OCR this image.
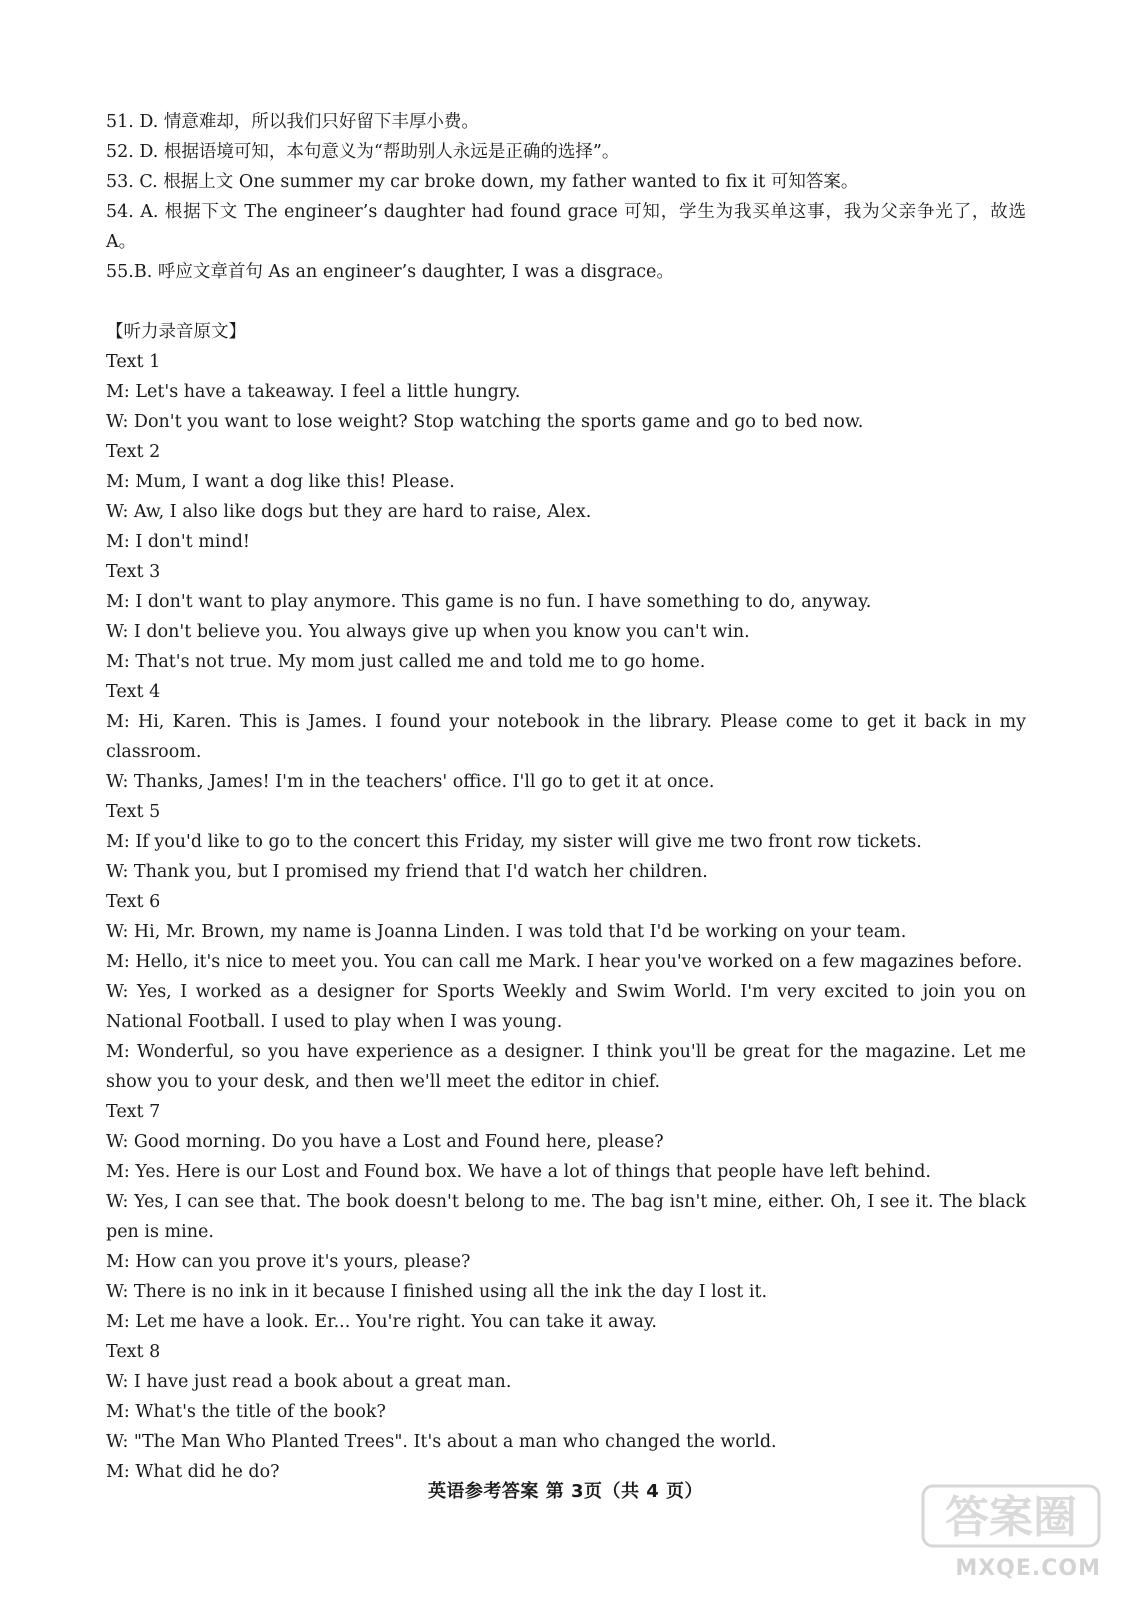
51. D. 情意难却，所以我们只好留下丰厚小费。

52. D. 根据语境可知，本句意义为“帮助别人永远是正确的选择”。

53. C. 根据上文 One summer my car broke down, my father wanted to fix it 可知答案。

54. A. 根据下文 The engineer’s daughter had found grace 可知，学生为我买单这事，我为父亲争光了，故选 A。

55.B. 呼应文章首句 As an engineer’s daughter, I was a disgrace。

【听力录音原文】

Text 1

M: Let's have a takeaway. I feel a little hungry.

W: Don't you want to lose weight? Stop watching the sports game and go to bed now.

Text 2

M: Mum, I want a dog like this! Please.

W: Aw, I also like dogs but they are hard to raise, Alex.

M: I don't mind!

Text 3

M: I don't want to play anymore. This game is no fun. I have something to do, anyway.

W: I don't believe you. You always give up when you know you can't win.

M: That's not true. My mom just called me and told me to go home.

Text 4

M: Hi, Karen. This is James. I found your notebook in the library. Please come to get it back in my classroom.

W: Thanks, James! I'm in the teachers' office. I'll go to get it at once.

Text 5

M: If you'd like to go to the concert this Friday, my sister will give me two front row tickets.

W: Thank you, but I promised my friend that I'd watch her children.

Text 6

W: Hi, Mr. Brown, my name is Joanna Linden. I was told that I'd be working on your team.

M: Hello, it's nice to meet you. You can call me Mark. I hear you've worked on a few magazines before.

W: Yes, I worked as a designer for Sports Weekly and Swim World. I'm very excited to join you on National Football. I used to play when I was young.

M: Wonderful, so you have experience as a designer. I think you'll be great for the magazine. Let me show you to your desk, and then we'll meet the editor in chief.

Text 7

W: Good morning. Do you have a Lost and Found here, please?

M: Yes. Here is our Lost and Found box. We have a lot of things that people have left behind.

W: Yes, I can see that. The book doesn't belong to me. The bag isn't mine, either. Oh, I see it. The black pen is mine.

M: How can you prove it's yours, please?

W: There is no ink in it because I finished using all the ink the day I lost it.

M: Let me have a look. Er... You're right. You can take it away.

Text 8

W: I have just read a book about a great man.

M: What's the title of the book?

W: "The Man Who Planted Trees". It's about a man who changed the world.

M: What did he do?

英语参考答案 第 3页（共 4 页）
答案圈
MXQE.COM
